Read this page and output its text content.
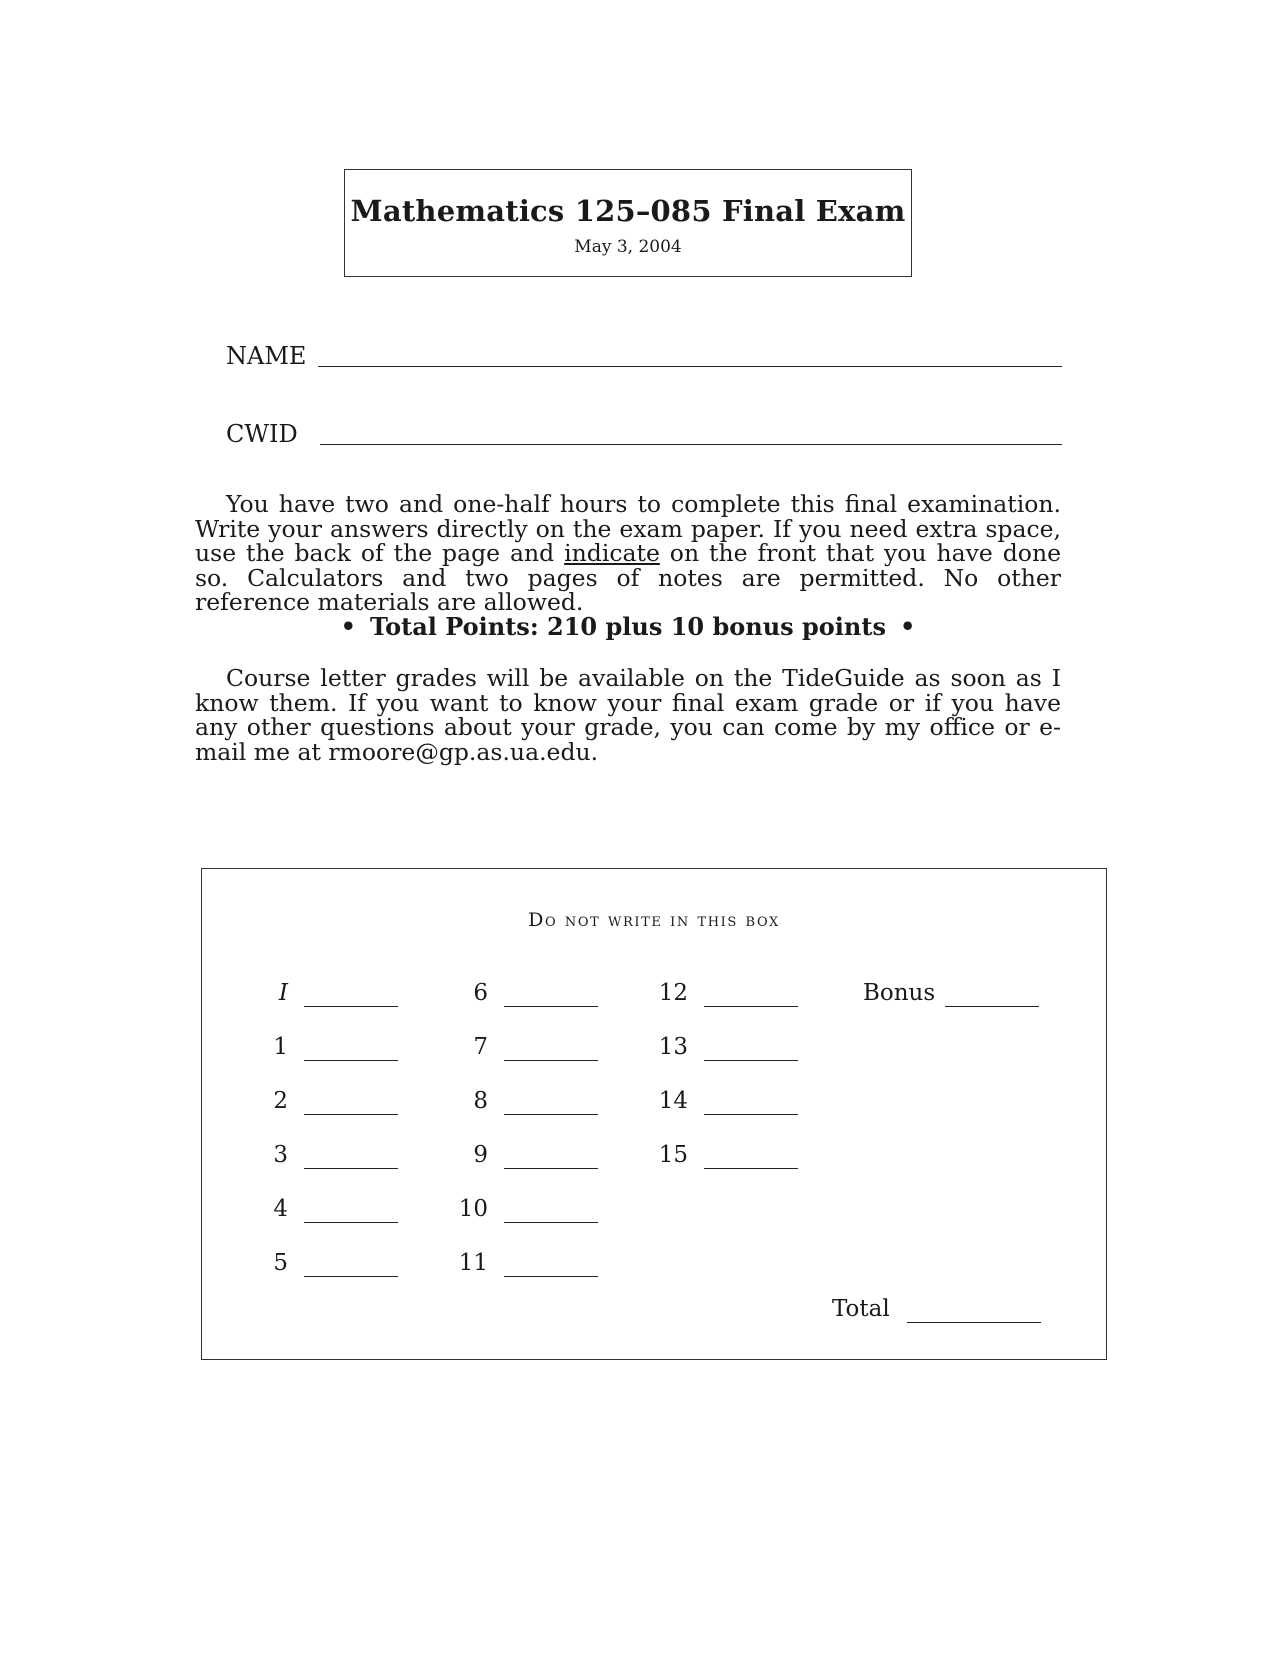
Mathematics 125–085 Final Exam
May 3, 2004
NAME
CWID

You have two and one-half hours to complete this final examination. Write your answers directly on the exam paper. If you need extra space, use the back of the page and indicate on the front that you have done so. Calculators and two pages of notes are permitted. No other reference materials are allowed.

• Total Points: 210 plus 10 bonus points •

Course letter grades will be available on the TideGuide as soon as I know them. If you want to know your final exam grade or if you have any other questions about your grade, you can come by my office or e-mail me at rmoore@gp.as.ua.edu.

Do not write in this box
I
1
2
3
4
5
6
7
8
9
10
11
12
13
14
15
Bonus
Total
